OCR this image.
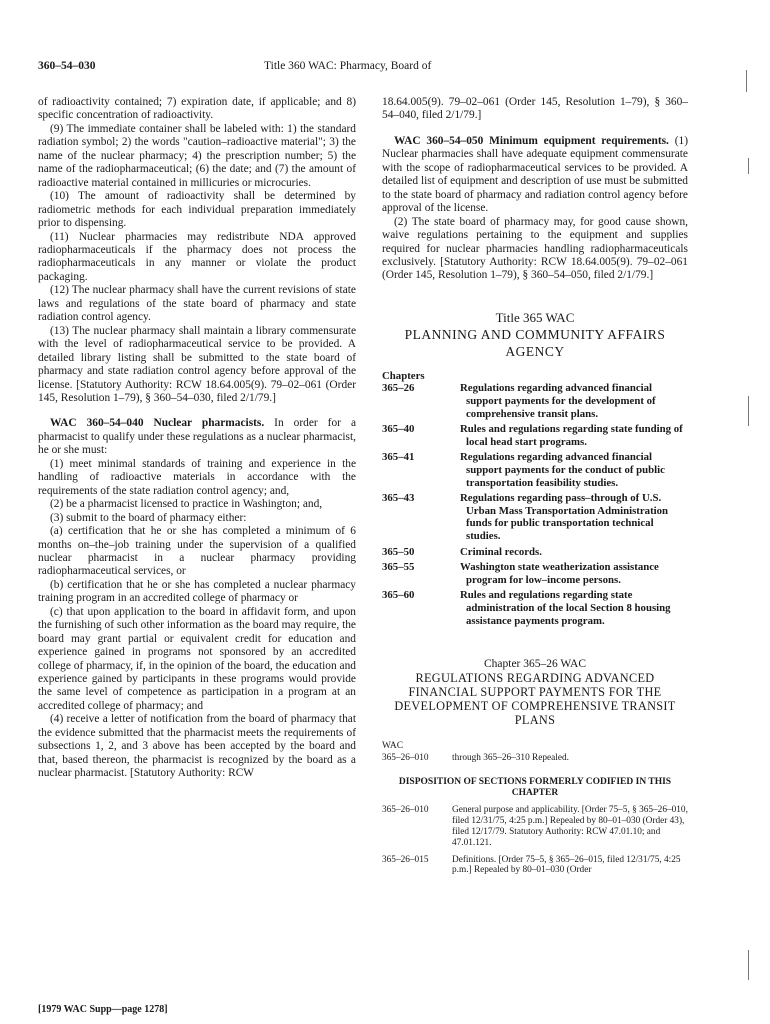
360–54–030	Title 360 WAC: Pharmacy, Board of

of radioactivity contained; 7) expiration date, if applicable; and 8) specific concentration of radioactivity.

(9) The immediate container shall be labeled with: 1) the standard radiation symbol; 2) the words "caution–radioactive material"; 3) the name of the nuclear pharmacy; 4) the prescription number; 5) the name of the radiopharmaceutical; (6) the date; and (7) the amount of radioactive material contained in millicuries or microcuries.

(10) The amount of radioactivity shall be determined by radiometric methods for each individual preparation immediately prior to dispensing.

(11) Nuclear pharmacies may redistribute NDA approved radiopharmaceuticals if the pharmacy does not process the radiopharmaceuticals in any manner or violate the product packaging.

(12) The nuclear pharmacy shall have the current revisions of state laws and regulations of the state board of pharmacy and state radiation control agency.

(13) The nuclear pharmacy shall maintain a library commensurate with the level of radiopharmaceutical service to be provided. A detailed library listing shall be submitted to the state board of pharmacy and state radiation control agency before approval of the license. [Statutory Authority: RCW 18.64.005(9). 79–02–061 (Order 145, Resolution 1–79), § 360–54–030, filed 2/1/79.]

WAC 360–54–040 Nuclear pharmacists. In order for a pharmacist to qualify under these regulations as a nuclear pharmacist, he or she must:

(1) meet minimal standards of training and experience in the handling of radioactive materials in accordance with the requirements of the state radiation control agency; and,

(2) be a pharmacist licensed to practice in Washington; and,

(3) submit to the board of pharmacy either:

(a) certification that he or she has completed a minimum of 6 months on–the–job training under the supervision of a qualified nuclear pharmacist in a nuclear pharmacy providing radiopharmaceutical services, or

(b) certification that he or she has completed a nuclear pharmacy training program in an accredited college of pharmacy or

(c) that upon application to the board in affidavit form, and upon the furnishing of such other information as the board may require, the board may grant partial or equivalent credit for education and experience gained in programs not sponsored by an accredited college of pharmacy, if, in the opinion of the board, the education and experience gained by participants in these programs would provide the same level of competence as participation in a program at an accredited college of pharmacy; and

(4) receive a letter of notification from the board of pharmacy that the evidence submitted that the pharmacist meets the requirements of subsections 1, 2, and 3 above has been accepted by the board and that, based thereon, the pharmacist is recognized by the board as a nuclear pharmacist. [Statutory Authority: RCW

18.64.005(9). 79–02–061 (Order 145, Resolution 1–79), § 360–54–040, filed 2/1/79.]

WAC 360–54–050 Minimum equipment requirements. (1) Nuclear pharmacies shall have adequate equipment commensurate with the scope of radiopharmaceutical services to be provided. A detailed list of equipment and description of use must be submitted to the state board of pharmacy and radiation control agency before approval of the license.

(2) The state board of pharmacy may, for good cause shown, waive regulations pertaining to the equipment and supplies required for nuclear pharmacies handling radiopharmaceuticals exclusively. [Statutory Authority: RCW 18.64.005(9). 79–02–061 (Order 145, Resolution 1–79), § 360–54–050, filed 2/1/79.]

Title 365 WAC
PLANNING AND COMMUNITY AFFAIRS AGENCY
Chapters
365–26	Regulations regarding advanced financial support payments for the development of comprehensive transit plans.
365–40	Rules and regulations regarding state funding of local head start programs.
365–41	Regulations regarding advanced financial support payments for the conduct of public transportation feasibility studies.
365–43	Regulations regarding pass–through of U.S. Urban Mass Transportation Administration funds for public transportation technical studies.
365–50	Criminal records.
365–55	Washington state weatherization assistance program for low–income persons.
365–60	Rules and regulations regarding state administration of the local Section 8 housing assistance payments program.
Chapter 365–26 WAC
REGULATIONS REGARDING ADVANCED FINANCIAL SUPPORT PAYMENTS FOR THE DEVELOPMENT OF COMPREHENSIVE TRANSIT PLANS
WAC
365–26–010	through 365–26–310 Repealed.
DISPOSITION OF SECTIONS FORMERLY CODIFIED IN THIS CHAPTER
365–26–010	General purpose and applicability. [Order 75–5, § 365–26–010, filed 12/31/75, 4:25 p.m.] Repealed by 80–01–030 (Order 43), filed 12/17/79. Statutory Authority: RCW 47.01.10; and 47.01.121.
365–26–015	Definitions. [Order 75–5, § 365–26–015, filed 12/31/75, 4:25 p.m.] Repealed by 80–01–030 (Order
[1979 WAC Supp—page 1278]
